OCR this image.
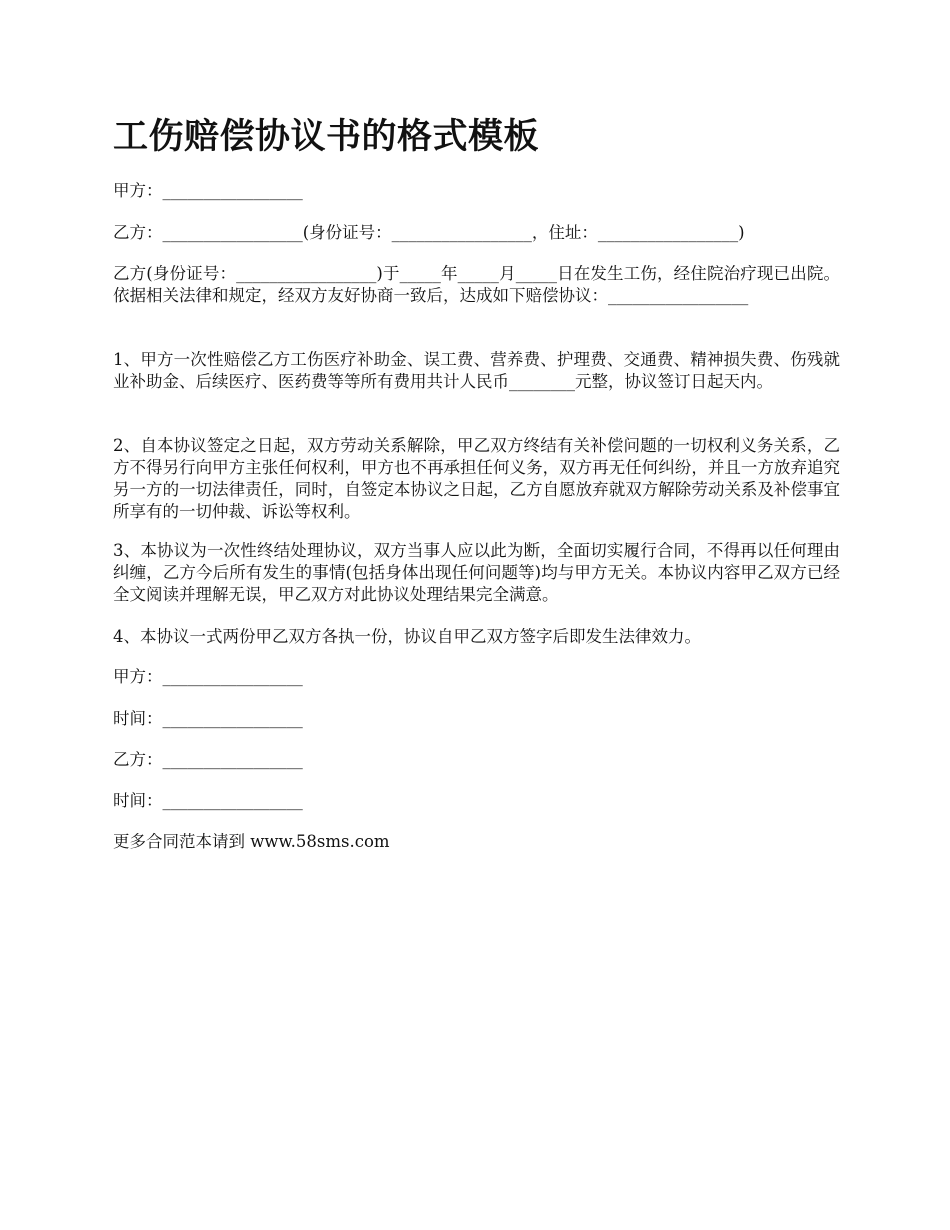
工伤赔偿协议书的格式模板

甲方：_________________

乙方：_________________(身份证号：_________________，住址：_________________)

乙方(身份证号：_________________)于_____年_____月_____日在发生工伤，经住院治疗现已出院。依据相关法律和规定，经双方友好协商一致后，达成如下赔偿协议：_________________

1、甲方一次性赔偿乙方工伤医疗补助金、误工费、营养费、护理费、交通费、精神损失费、伤残就业补助金、后续医疗、医药费等等所有费用共计人民币________元整，协议签订日起天内。

2、自本协议签定之日起，双方劳动关系解除，甲乙双方终结有关补偿问题的一切权利义务关系，乙方不得另行向甲方主张任何权利，甲方也不再承担任何义务，双方再无任何纠纷，并且一方放弃追究另一方的一切法律责任，同时，自签定本协议之日起，乙方自愿放弃就双方解除劳动关系及补偿事宜所享有的一切仲裁、诉讼等权利。

3、本协议为一次性终结处理协议，双方当事人应以此为断，全面切实履行合同，不得再以任何理由纠缠，乙方今后所有发生的事情(包括身体出现任何问题等)均与甲方无关。本协议内容甲乙双方已经全文阅读并理解无误，甲乙双方对此协议处理结果完全满意。

4、本协议一式两份甲乙双方各执一份，协议自甲乙双方签字后即发生法律效力。

甲方：_________________

时间：_________________

乙方：_________________

时间：_________________

更多合同范本请到 www.58sms.com
